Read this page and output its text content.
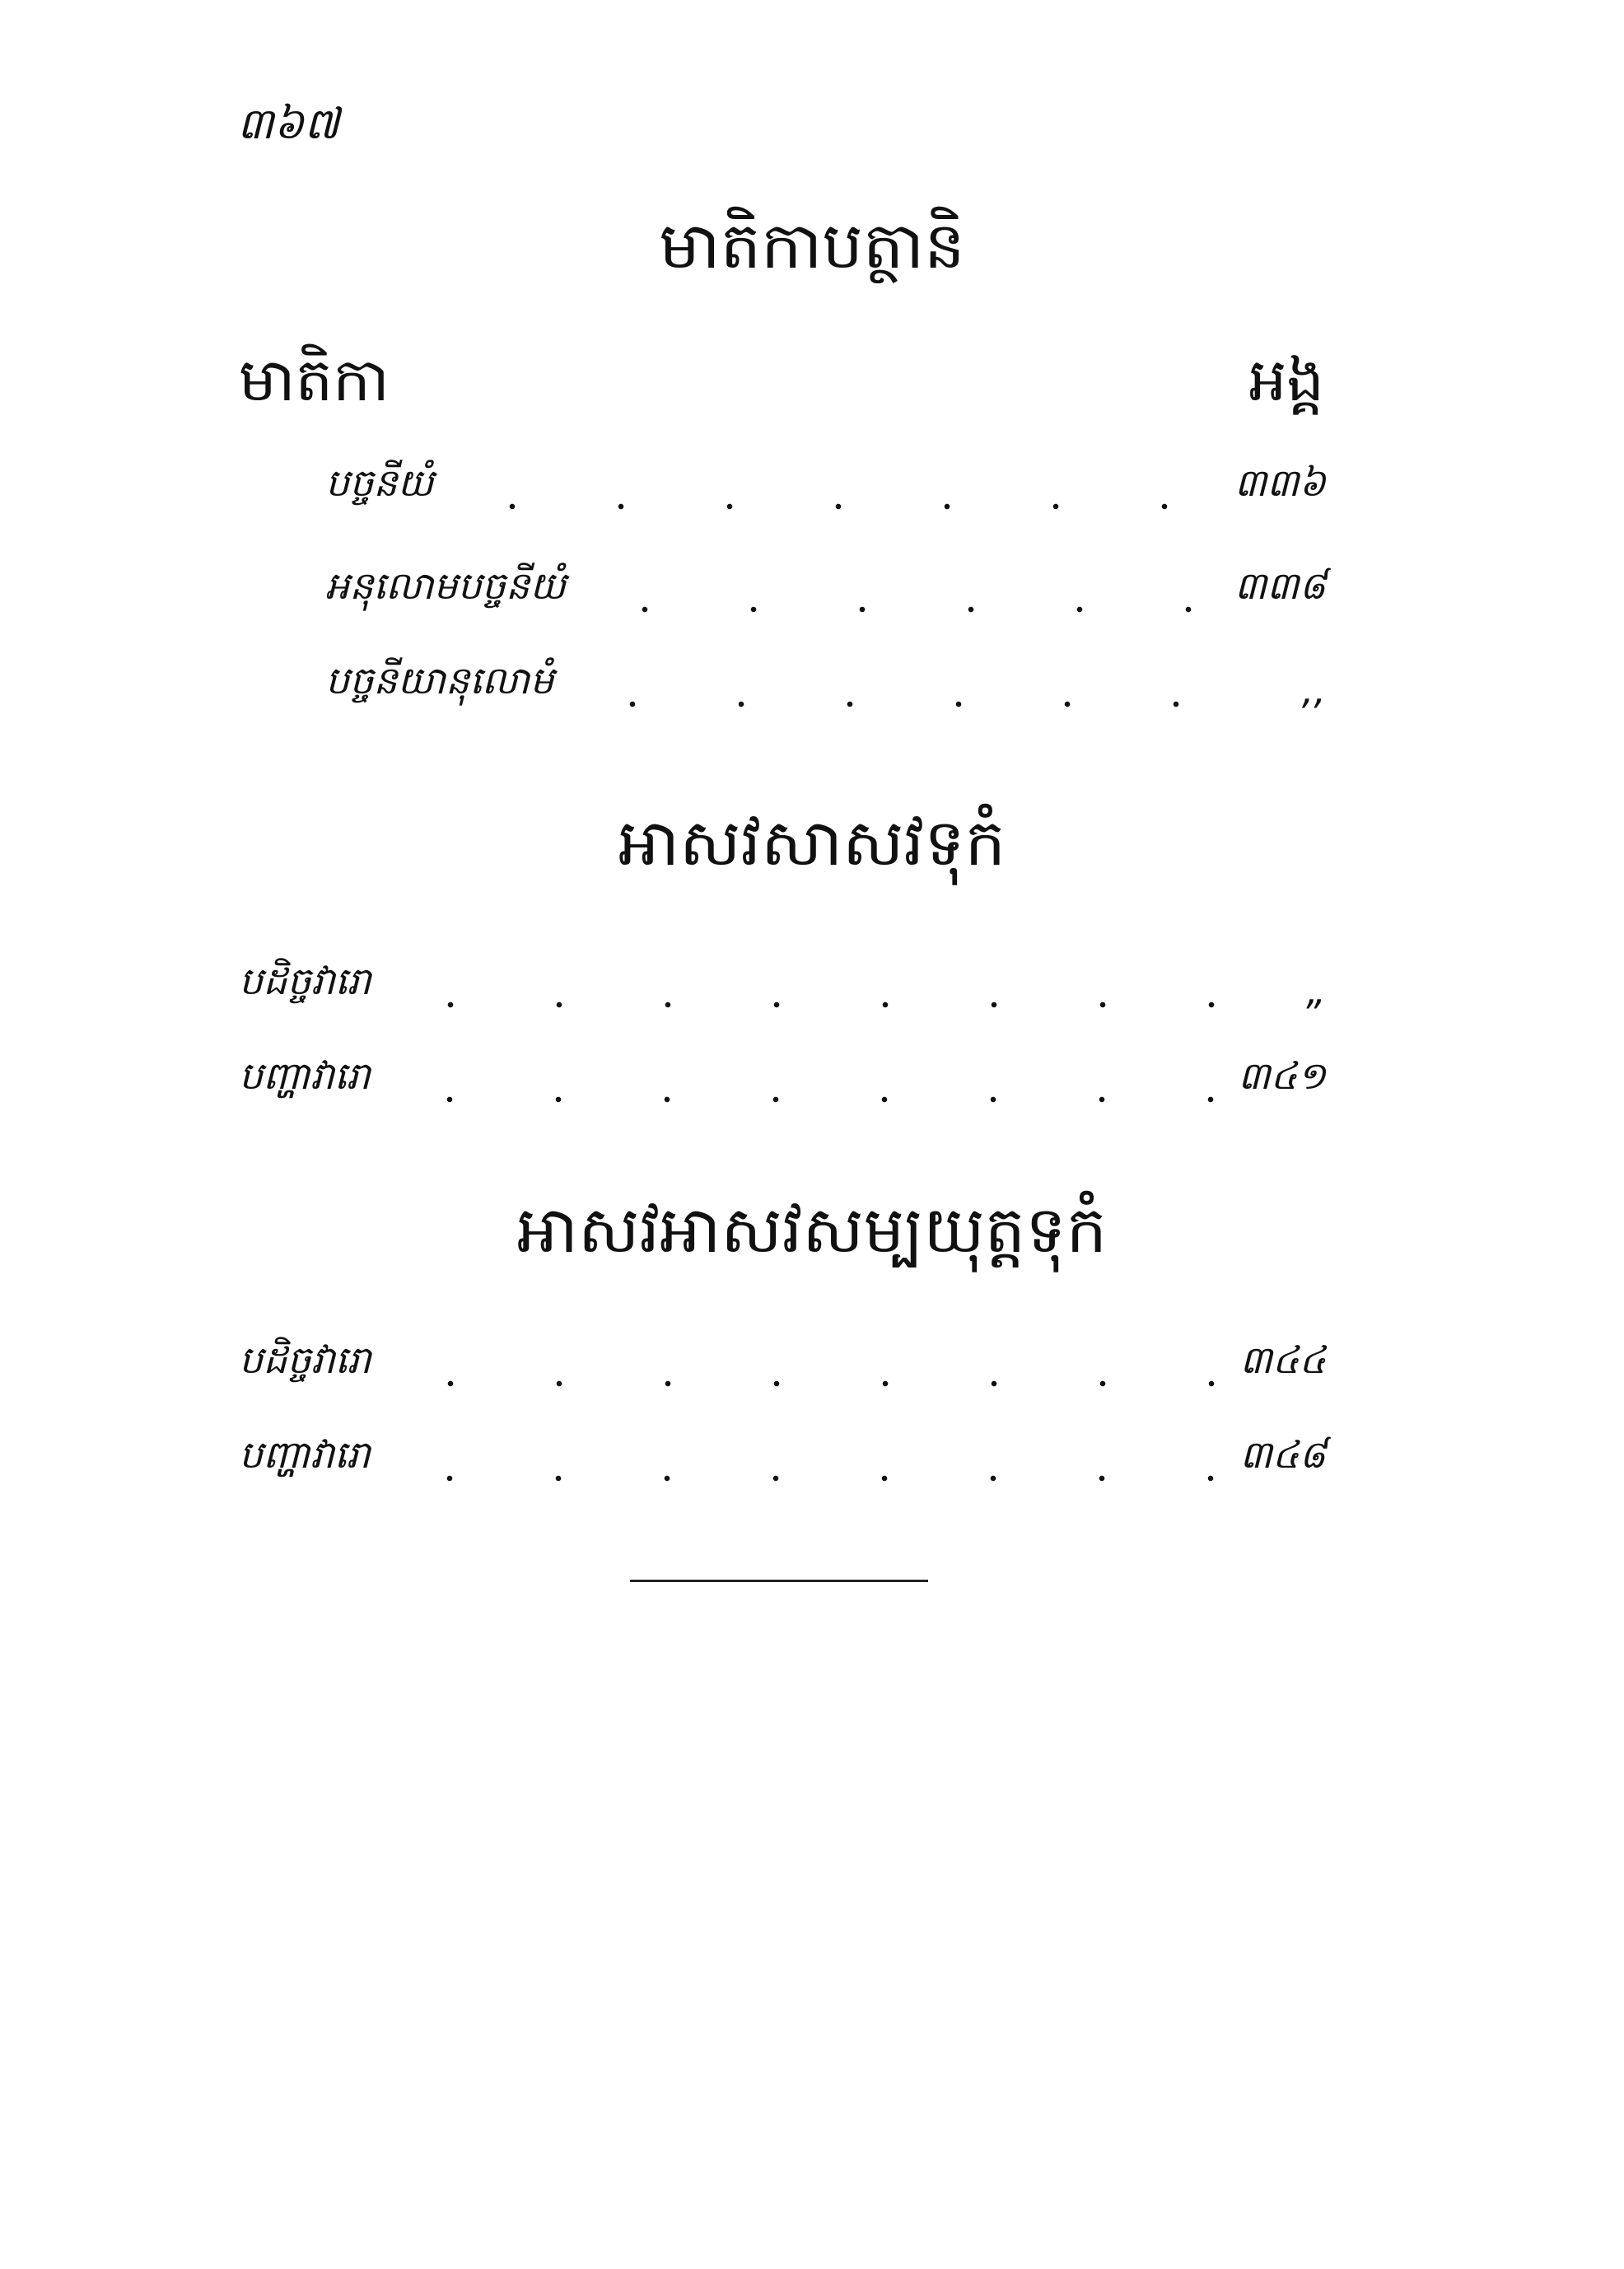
៣៦៧
មាតិកាបត្ថានិ
មាតិកា	អង្គ
បច្ចនីយំ	៣៣៦
អនុលោមបច្ចនីយំ	៣៣៨
បច្ចនីយានុលោមំ	,,
អាសវសាសវទុកំ
បដិច្ចវារោ	„
បញ្ហាវារោ	៣៤១
អាសវអាសវសម្បយុត្តទុកំ
បដិច្ចវារោ	៣៤៤
បញ្ហាវារោ	៣៤៨
